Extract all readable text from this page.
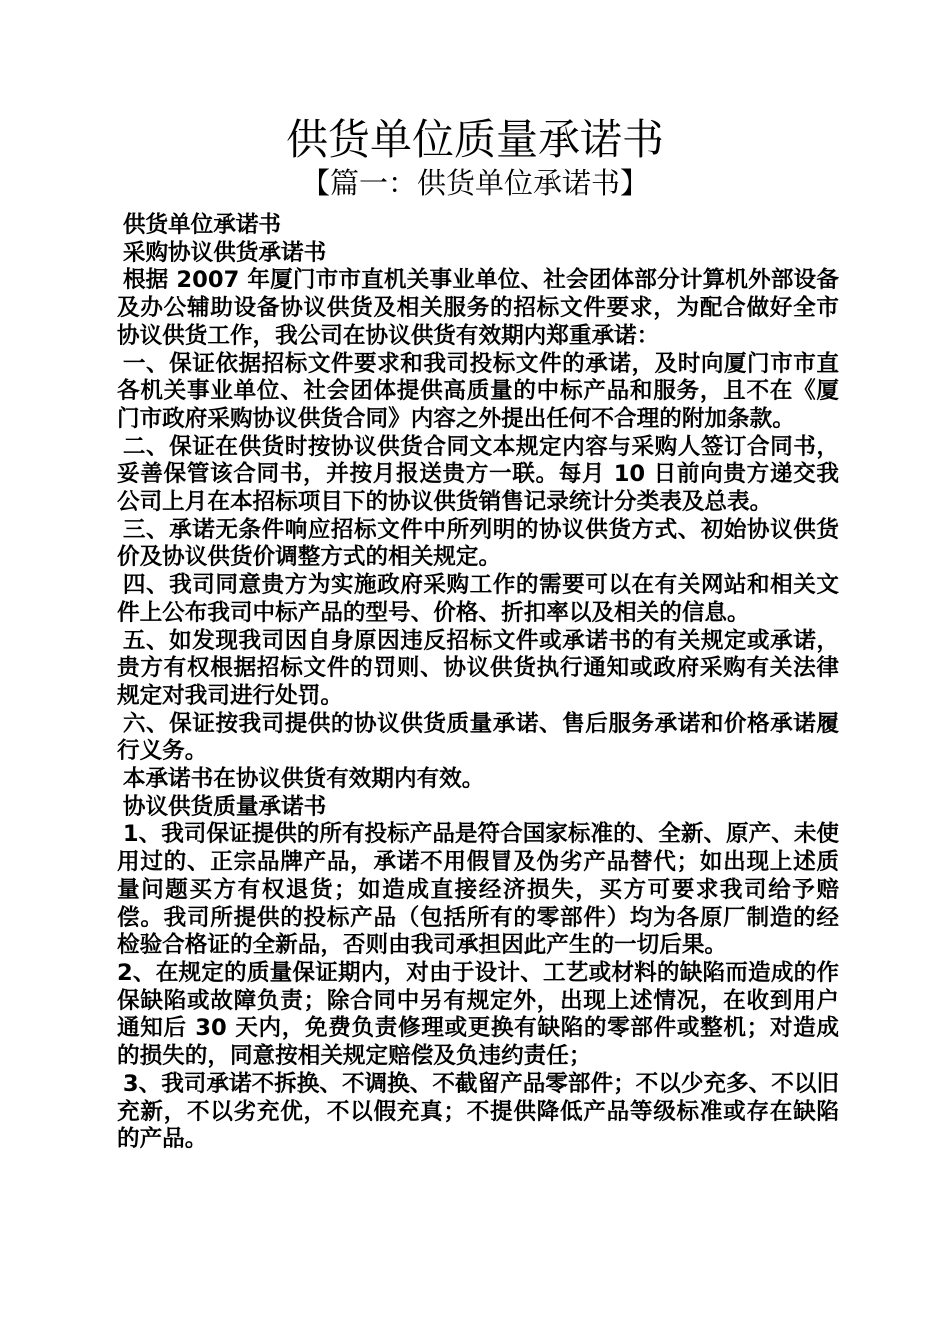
供货单位质量承诺书
【篇一：供货单位承诺书】

供货单位承诺书

采购协议供货承诺书

根据 2007 年厦门市市直机关事业单位、社会团体部分计算机外部设备及办公辅助设备协议供货及相关服务的招标文件要求，为配合做好全市协议供货工作，我公司在协议供货有效期内郑重承诺：

一、保证依据招标文件要求和我司投标文件的承诺，及时向厦门市市直各机关事业单位、社会团体提供高质量的中标产品和服务，且不在《厦门市政府采购协议供货合同》内容之外提出任何不合理的附加条款。

二、保证在供货时按协议供货合同文本规定内容与采购人签订合同书，妥善保管该合同书，并按月报送贵方一联。每月 10 日前向贵方递交我公司上月在本招标项目下的协议供货销售记录统计分类表及总表。

三、承诺无条件响应招标文件中所列明的协议供货方式、初始协议供货价及协议供货价调整方式的相关规定。

四、我司同意贵方为实施政府采购工作的需要可以在有关网站和相关文件上公布我司中标产品的型号、价格、折扣率以及相关的信息。

五、如发现我司因自身原因违反招标文件或承诺书的有关规定或承诺，贵方有权根据招标文件的罚则、协议供货执行通知或政府采购有关法律规定对我司进行处罚。

六、保证按我司提供的协议供货质量承诺、售后服务承诺和价格承诺履行义务。

本承诺书在协议供货有效期内有效。

协议供货质量承诺书

1、我司保证提供的所有投标产品是符合国家标准的、全新、原产、未使用过的、正宗品牌产品，承诺不用假冒及伪劣产品替代；如出现上述质量问题买方有权退货；如造成直接经济损失，买方可要求我司给予赔偿。我司所提供的投标产品（包括所有的零部件）均为各原厂制造的经检验合格证的全新品，否则由我司承担因此产生的一切后果。

2、在规定的质量保证期内，对由于设计、工艺或材料的缺陷而造成的作保缺陷或故障负责；除合同中另有规定外，出现上述情况，在收到用户通知后 30 天内，免费负责修理或更换有缺陷的零部件或整机；对造成的损失的，同意按相关规定赔偿及负违约责任；

3、我司承诺不拆换、不调换、不截留产品零部件；不以少充多、不以旧充新，不以劣充优，不以假充真；不提供降低产品等级标准或存在缺陷的产品。
